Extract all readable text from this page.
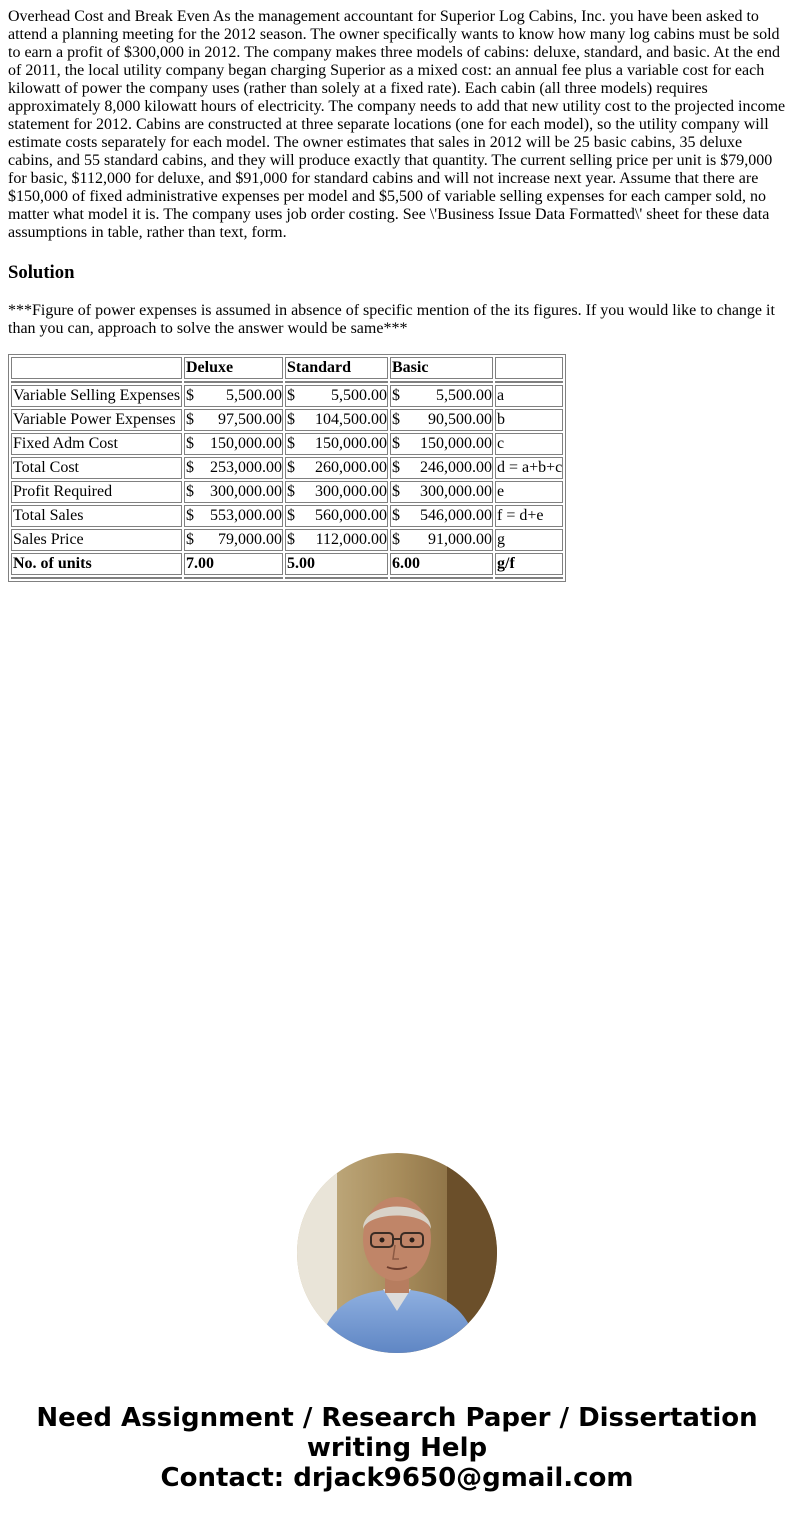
Overhead Cost and Break Even As the management accountant for Superior Log Cabins, Inc. you have been asked to attend a planning meeting for the 2012 season. The owner specifically wants to know how many log cabins must be sold to earn a profit of $300,000 in 2012. The company makes three models of cabins: deluxe, standard, and basic. At the end of 2011, the local utility company began charging Superior as a mixed cost: an annual fee plus a variable cost for each kilowatt of power the company uses (rather than solely at a fixed rate). Each cabin (all three models) requires approximately 8,000 kilowatt hours of electricity. The company needs to add that new utility cost to the projected income statement for 2012. Cabins are constructed at three separate locations (one for each model), so the utility company will estimate costs separately for each model. The owner estimates that sales in 2012 will be 25 basic cabins, 35 deluxe cabins, and 55 standard cabins, and they will produce exactly that quantity. The current selling price per unit is $79,000 for basic, $112,000 for deluxe, and $91,000 for standard cabins and will not increase next year. Assume that there are $150,000 of fixed administrative expenses per model and $5,500 of variable selling expenses for each camper sold, no matter what model it is. The company uses job order costing. See \'Business Issue Data Formatted\' sheet for these data assumptions in table, rather than text, form.

Solution

***Figure of power expenses is assumed in absence of specific mention of the its figures. If you would like to change it than you can, approach to solve the answer would be same***

	Deluxe	Standard	Basic	

Variable Selling Expenses	$ 5,500.00	$ 5,500.00	$ 5,500.00	a
Variable Power Expenses	$ 97,500.00	$ 104,500.00	$ 90,500.00	b
Fixed Adm Cost	$ 150,000.00	$ 150,000.00	$ 150,000.00	c
Total Cost	$ 253,000.00	$ 260,000.00	$ 246,000.00	d = a+b+c
Profit Required	$ 300,000.00	$ 300,000.00	$ 300,000.00	e
Total Sales	$ 553,000.00	$ 560,000.00	$ 546,000.00	f = d+e
Sales Price	$ 79,000.00	$ 112,000.00	$ 91,000.00	g
No. of units	7.00	5.00	6.00	g/f

Need Assignment / Research Paper / Dissertation
writing Help
Contact: drjack9650@gmail.com
